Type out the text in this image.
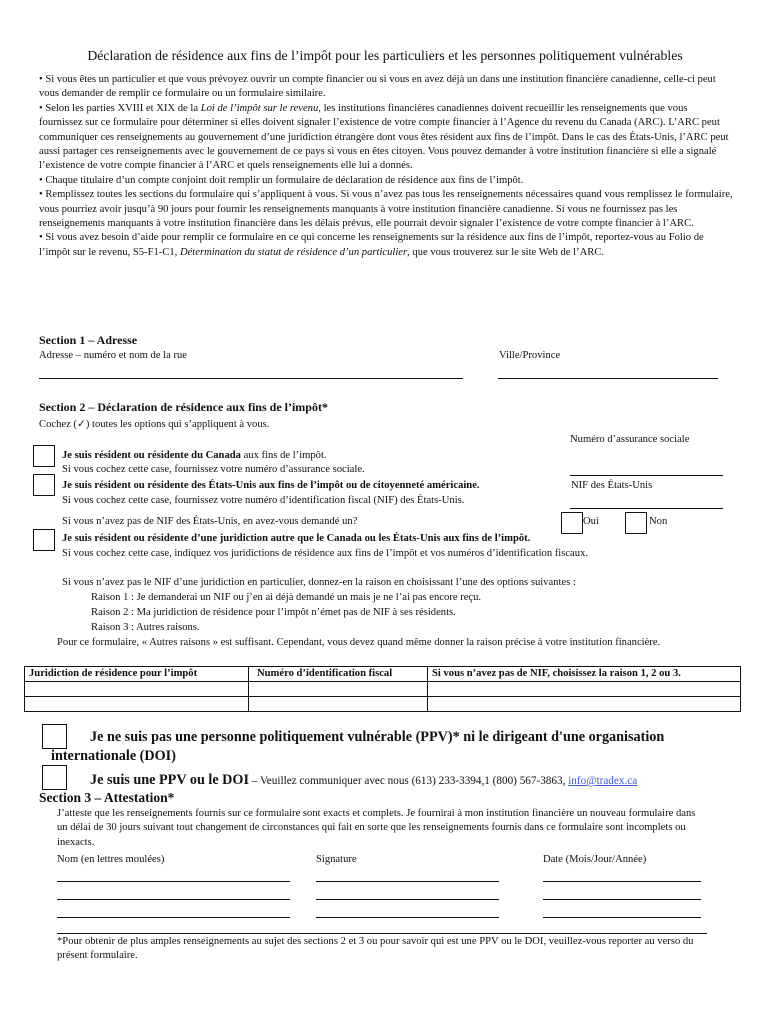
Déclaration de résidence aux fins de l’impôt pour les particuliers et les personnes politiquement vulnérables

• Si vous êtes un particulier et que vous prévoyez ouvrir un compte financier ou si vous en avez déjà un dans une institution financière canadienne, celle-ci peut vous demander de remplir ce formulaire ou un formulaire similaire.

• Selon les parties XVIII et XIX de la Loi de l’impôt sur le revenu, les institutions financières canadiennes doivent recueillir les renseignements que vous fournissez sur ce formulaire pour déterminer si elles doivent signaler l’existence de votre compte financier à l’Agence du revenu du Canada (ARC). L’ARC peut communiquer ces renseignements au gouvernement d’une juridiction étrangère dont vous êtes résident aux fins de l’impôt. Dans le cas des États-Unis, l’ARC peut aussi partager ces renseignements avec le gouvernement de ce pays si vous en êtes citoyen. Vous pouvez demander à votre institution financière si elle a signalé l’existence de votre compte financier à l’ARC et quels renseignements elle lui a donnés.

• Chaque titulaire d’un compte conjoint doit remplir un formulaire de déclaration de résidence aux fins de l’impôt.

• Remplissez toutes les sections du formulaire qui s’appliquent à vous. Si vous n’avez pas tous les renseignements nécessaires quand vous remplissez le formulaire, vous pourriez avoir jusqu’à 90 jours pour fournir les renseignements manquants à votre institution financière canadienne. Si vous ne fournissez pas les renseignements manquants à votre institution financière dans les délais prévus, elle pourrait devoir signaler l’existence de votre compte financier à l’ARC.

• Si vous avez besoin d’aide pour remplir ce formulaire en ce qui concerne les renseignements sur la résidence aux fins de l’impôt, reportez-vous au Folio de l’impôt sur le revenu, S5-F1-C1, Détermination du statut de résidence d’un particulier, que vous trouverez sur le site Web de l’ARC.

Section 1 – Adresse
Adresse – numéro et nom de la rue	Ville/Province
Section 2 – Déclaration de résidence aux fins de l’impôt*
Cochez (✓) toutes les options qui s’appliquent à vous.
Numéro d’assurance sociale
Je suis résident ou résidente du Canada aux fins de l’impôt.
Si vous cochez cette case, fournissez votre numéro d’assurance sociale.
Je suis résident ou résidente des États-Unis aux fins de l’impôt ou de citoyenneté américaine.	NIF des États-Unis
Si vous cochez cette case, fournissez votre numéro d’identification fiscal (NIF) des États-Unis.
Si vous n’avez pas de NIF des États-Unis, en avez-vous demandé un?	Oui	Non
Je suis résident ou résidente d’une juridiction autre que le Canada ou les États-Unis aux fins de l’impôt.
Si vous cochez cette case, indiquez vos juridictions de résidence aux fins de l’impôt et vos numéros d’identification fiscaux.
Si vous n’avez pas le NIF d’une juridiction en particulier, donnez-en la raison en choisissant l’une des options suivantes :
Raison 1 : Je demanderai un NIF ou j’en ai déjà demandé un mais je ne l’ai pas encore reçu.
Raison 2 : Ma juridiction de résidence pour l’impôt n’émet pas de NIF à ses résidents.
Raison 3 : Autres raisons.
Pour ce formulaire, « Autres raisons » est suffisant. Cependant, vous devez quand même donner la raison précise à votre institution financière.
Juridiction de résidence pour l’impôt	Numéro d’identification fiscal	Si vous n’avez pas de NIF, choisissez la raison 1, 2 ou 3.

Je ne suis pas une personne politiquement vulnérable (PPV)* ni le dirigeant d'une organisation
internationale (DOI)
Je suis une PPV ou le DOI – Veuillez communiquer avec nous (613) 233-3394,1 (800) 567-3863, info@tradex.ca
Section 3 – Attestation*
J’atteste que les renseignements fournis sur ce formulaire sont exacts et complets. Je fournirai à mon institution financière un nouveau formulaire dans un délai de 30 jours suivant tout changement de circonstances qui fait en sorte que les renseignements fournis dans ce formulaire sont incomplets ou inexacts.
Nom (en lettres moulées)	Signature	Date (Mois/Jour/Année)
*Pour obtenir de plus amples renseignements au sujet des sections 2 et 3 ou pour savoir qui est une PPV ou le DOI, veuillez-vous reporter au verso du présent formulaire.
